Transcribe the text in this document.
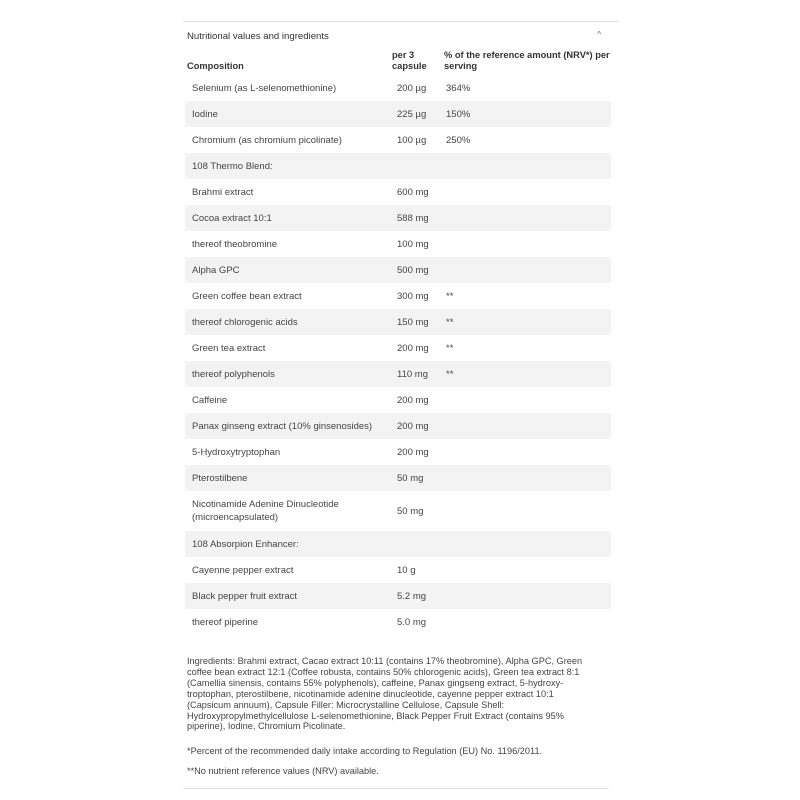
Nutritional values and ingredients	^
Composition	per 3 capsule	% of the reference amount (NRV*) per serving
Selenium (as L-selenomethionine)	200 µg	364%
Iodine	225 µg	150%
Chromium (as chromium picolinate)	100 µg	250%
108 Thermo Blend:		
Brahmi extract	600 mg	
Cocoa extract 10:1	588 mg	
thereof theobromine	100 mg	
Alpha GPC	500 mg	
Green coffee bean extract	300 mg	**
thereof chlorogenic acids	150 mg	**
Green tea extract	200 mg	**
thereof polyphenols	110 mg	**
Caffeine	200 mg	
Panax ginseng extract (10% ginsenosides)	200 mg	
5-Hydroxytryptophan	200 mg	
Pterostilbene	50 mg	
Nicotinamide Adenine Dinucleotide (microencapsulated)	50 mg	
108 Absorpion Enhancer:		
Cayenne pepper extract	10 g	
Black pepper fruit extract	5.2 mg	
thereof piperine	5.0 mg	
Ingredients: Brahmi extract, Cacao extract 10:11 (contains 17% theobromine), Alpha GPC, Green coffee bean extract 12:1 (Coffee robusta, contains 50% chlorogenic acids), Green tea extract 8:1 (Camellia sinensis, contains 55% polyphenols), caffeine, Panax gingseng extract, 5-hydroxy-troptophan, pterostilbene, nicotinamide adenine dinucleotide, cayenne pepper extract 10:1 (Capsicum annuum), Capsule Filler: Microcrystalline Cellulose, Capsule Shell: Hydroxypropylmethylcellulose L-selenomethionine, Black Pepper Fruit Extract (contains 95% piperine), Iodine, Chromium Picolinate.
*Percent of the recommended daily intake according to Regulation (EU) No. 1196/2011.
**No nutrient reference values (NRV) available.
